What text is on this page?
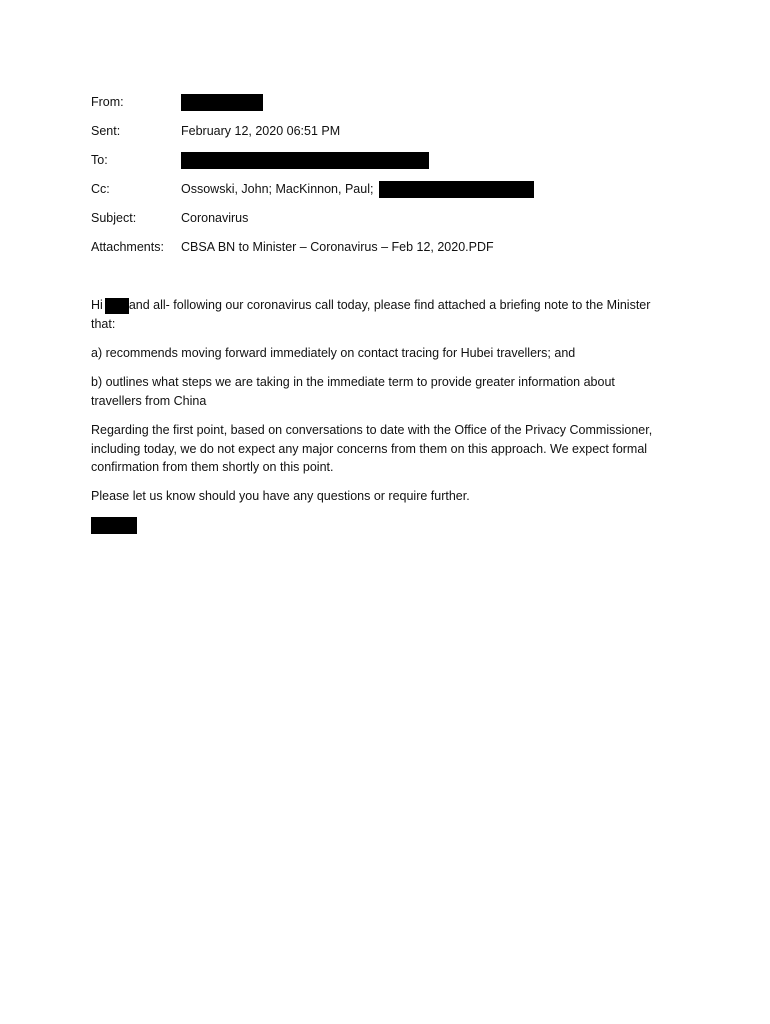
From:
Sent:	February 12, 2020 06:51 PM
To:
Cc:	Ossowski, John; MacKinnon, Paul;
Subject:	Coronavirus
Attachments: CBSA BN to Minister – Coronavirus – Feb 12, 2020.PDF
Hi and all- following our coronavirus call today, please find attached a briefing note to the Minister
that:
a) recommends moving forward immediately on contact tracing for Hubei travellers; and
b) outlines what steps we are taking in the immediate term to provide greater information about
travellers from China
Regarding the first point, based on conversations to date with the Office of the Privacy Commissioner,
including today, we do not expect any major concerns from them on this approach. We expect formal
confirmation from them shortly on this point.
Please let us know should you have any questions or require further.
